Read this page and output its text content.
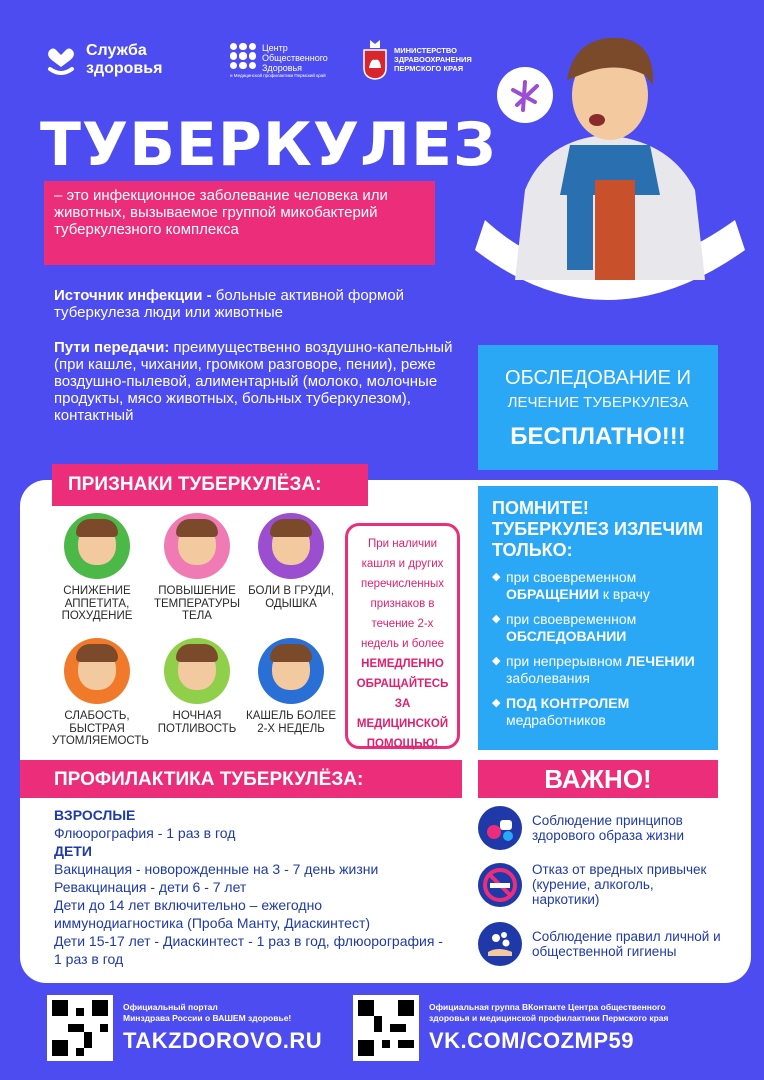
Служба
здоровья
Центр
Общественного
Здоровья
и Медицинской профилактики Пермский край
МИНИСТЕРСТВО
ЗДРАВООХРАНЕНИЯ
ПЕРМСКОГО КРАЯ
ТУБЕРКУЛЕЗ
– это инфекционное заболевание человека или животных, вызываемое группой микобактерий туберкулезного комплекса
Источник инфекции - больные активной формой туберкулеза люди или животные
Пути передачи: преимущественно воздушно-капельный (при кашле, чихании, громком разговоре, пении), реже воздушно-пылевой, алиментарный (молоко, молочные продукты, мясо животных, больных туберкулезом), контактный
ОБСЛЕДОВАНИЕ И
ЛЕЧЕНИЕ ТУБЕРКУЛЕЗА
БЕСПЛАТНО!!!
ПРИЗНАКИ ТУБЕРКУЛЁЗА:
СНИЖЕНИЕ АППЕТИТА, ПОХУДЕНИЕ
ПОВЫШЕНИЕ ТЕМПЕРАТУРЫ ТЕЛА
БОЛИ В ГРУДИ, ОДЫШКА
СЛАБОСТЬ, БЫСТРАЯ УТОМЛЯЕМОСТЬ
НОЧНАЯ ПОТЛИВОСТЬ
КАШЕЛЬ БОЛЕЕ 2-Х НЕДЕЛЬ
При наличии кашля и других перечисленных признаков в течение 2-х недель и более
НЕМЕДЛЕННО ОБРАЩАЙТЕСЬ ЗА МЕДИЦИНСКОЙ ПОМОЩЬЮ!
ПОМНИТЕ! ТУБЕРКУЛЕЗ ИЗЛЕЧИМ ТОЛЬКО:
◆ при своевременном ОБРАЩЕНИИ к врачу
◆ при своевременном ОБСЛЕДОВАНИИ
◆ при непрерывном ЛЕЧЕНИИ заболевания
◆ ПОД КОНТРОЛЕМ медработников
ПРОФИЛАКТИКА ТУБЕРКУЛЁЗА:	ВАЖНО!
ВЗРОСЛЫЕ
Флюорография - 1 раз в год
ДЕТИ
Вакцинация - новорожденные на 3 - 7 день жизни
Ревакцинация - дети 6 - 7 лет
Дети до 14 лет включительно – ежегодно иммунодиагностика (Проба Манту, Диаскинтест)
Дети 15-17 лет - Диаскинтест - 1 раз в год, флюорография - 1 раз в год
Соблюдение принципов здорового образа жизни
Отказ от вредных привычек (курение, алкоголь, наркотики)
Соблюдение правил личной и общественной гигиены
Официальный портал
Минздрава России о ВАШЕМ здоровье!
TAKZDOROVO.RU
Официальная группа ВКонтакте Центра общественного
здоровья и медицинской профилактики Пермского края
VK.COM/COZMP59
